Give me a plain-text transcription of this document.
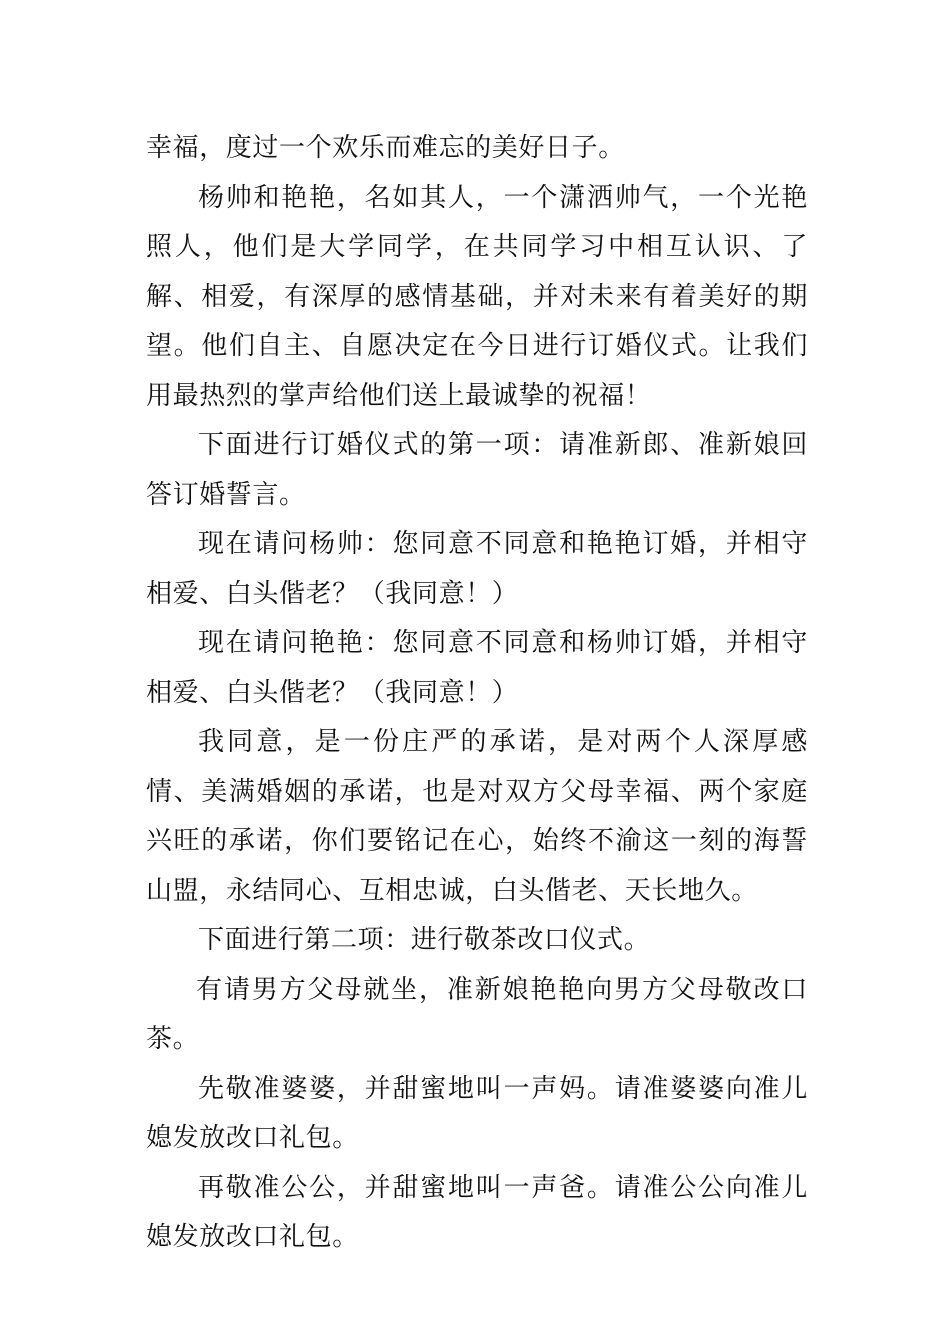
幸福，度过一个欢乐而难忘的美好日子。

杨帅和艳艳，名如其人，一个潇洒帅气，一个光艳照人，他们是大学同学，在共同学习中相互认识、了解、相爱，有深厚的感情基础，并对未来有着美好的期望。他们自主、自愿决定在今日进行订婚仪式。让我们用最热烈的掌声给他们送上最诚挚的祝福！

下面进行订婚仪式的第一项：请准新郎、准新娘回答订婚誓言。

现在请问杨帅：您同意不同意和艳艳订婚，并相守相爱、白头偕老？（我同意！）

现在请问艳艳：您同意不同意和杨帅订婚，并相守相爱、白头偕老？（我同意！）

我同意，是一份庄严的承诺，是对两个人深厚感情、美满婚姻的承诺，也是对双方父母幸福、两个家庭兴旺的承诺，你们要铭记在心，始终不渝这一刻的海誓山盟，永结同心、互相忠诚，白头偕老、天长地久。

下面进行第二项：进行敬茶改口仪式。

有请男方父母就坐，准新娘艳艳向男方父母敬改口茶。

先敬准婆婆，并甜蜜地叫一声妈。请准婆婆向准儿媳发放改口礼包。

再敬准公公，并甜蜜地叫一声爸。请准公公向准儿媳发放改口礼包。
